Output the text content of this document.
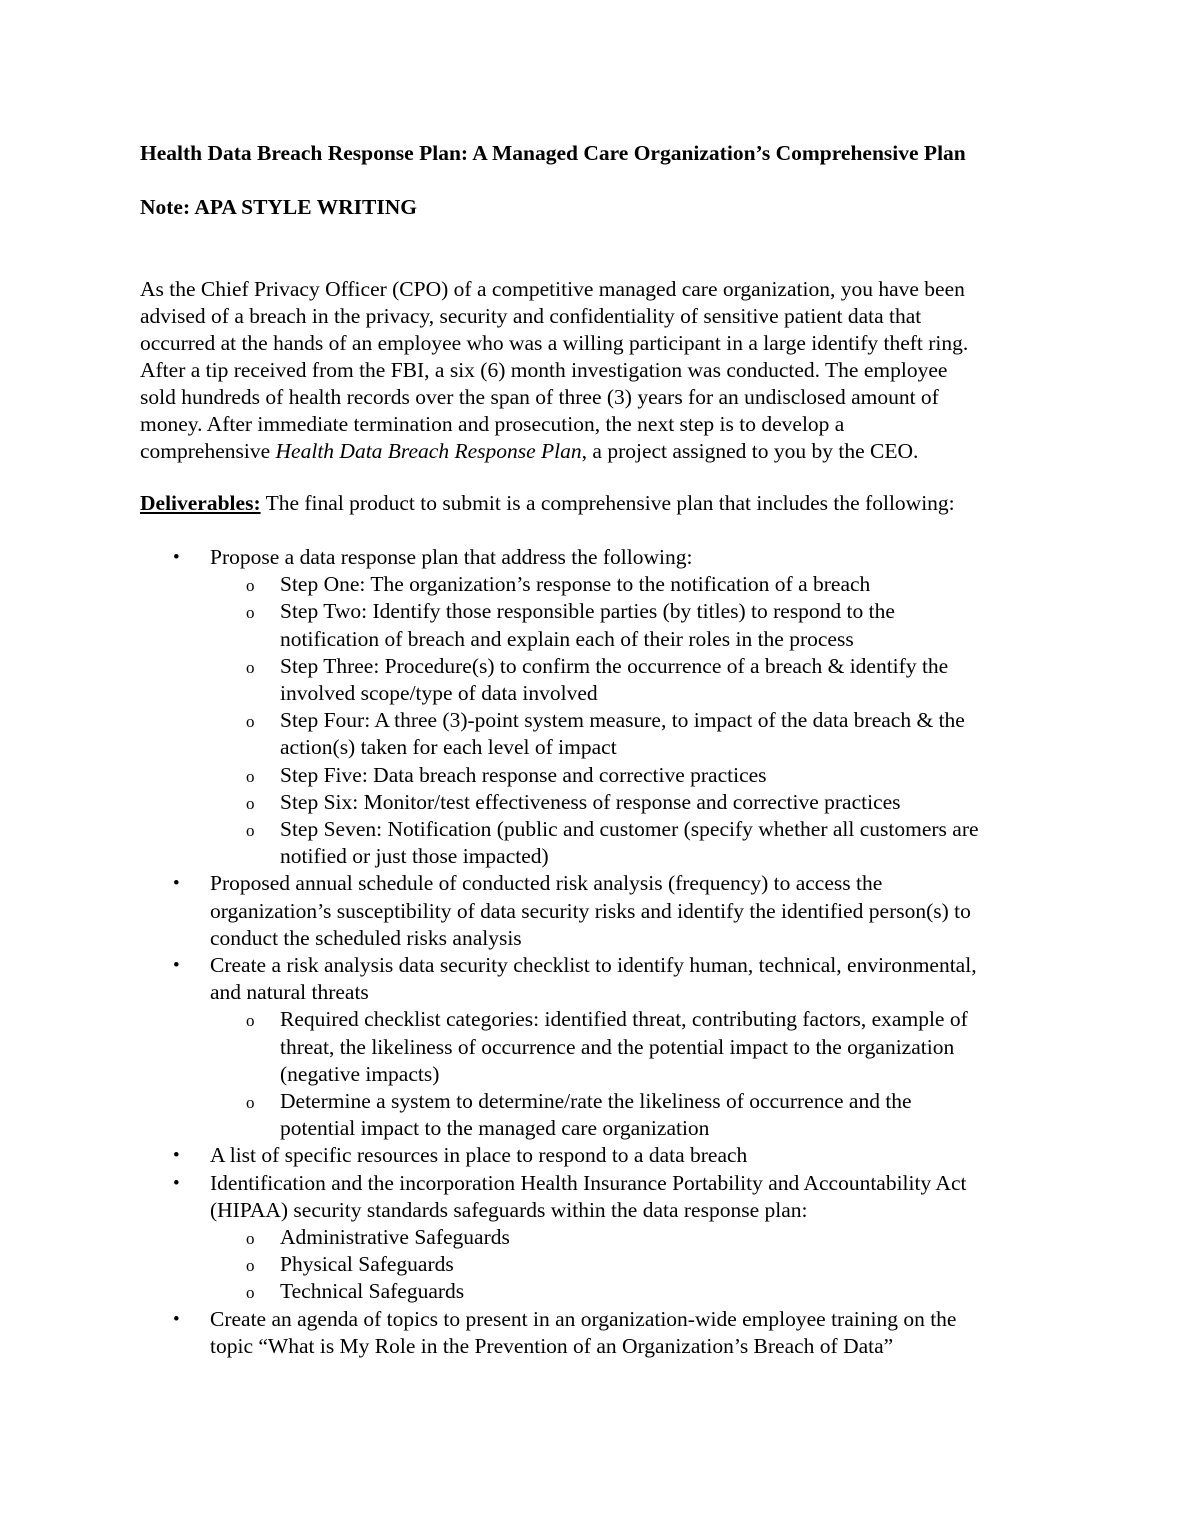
Health Data Breach Response Plan: A Managed Care Organization’s Comprehensive Plan
Note: APA STYLE WRITING
As the Chief Privacy Officer (CPO) of a competitive managed care organization, you have been
advised of a breach in the privacy, security and confidentiality of sensitive patient data that
occurred at the hands of an employee who was a willing participant in a large identify theft ring.
After a tip received from the FBI, a six (6) month investigation was conducted. The employee
sold hundreds of health records over the span of three (3) years for an undisclosed amount of
money. After immediate termination and prosecution, the next step is to develop a
comprehensive Health Data Breach Response Plan, a project assigned to you by the CEO.
Deliverables: The final product to submit is a comprehensive plan that includes the following:
• Propose a data response plan that address the following:
o Step One: The organization’s response to the notification of a breach
o Step Two: Identify those responsible parties (by titles) to respond to the
notification of breach and explain each of their roles in the process
o Step Three: Procedure(s) to confirm the occurrence of a breach & identify the
involved scope/type of data involved
o Step Four: A three (3)-point system measure, to impact of the data breach & the
action(s) taken for each level of impact
o Step Five: Data breach response and corrective practices
o Step Six: Monitor/test effectiveness of response and corrective practices
o Step Seven: Notification (public and customer (specify whether all customers are
notified or just those impacted)
• Proposed annual schedule of conducted risk analysis (frequency) to access the
organization’s susceptibility of data security risks and identify the identified person(s) to
conduct the scheduled risks analysis
• Create a risk analysis data security checklist to identify human, technical, environmental,
and natural threats
o Required checklist categories: identified threat, contributing factors, example of
threat, the likeliness of occurrence and the potential impact to the organization
(negative impacts)
o Determine a system to determine/rate the likeliness of occurrence and the
potential impact to the managed care organization
• A list of specific resources in place to respond to a data breach
• Identification and the incorporation Health Insurance Portability and Accountability Act
(HIPAA) security standards safeguards within the data response plan:
o Administrative Safeguards
o Physical Safeguards
o Technical Safeguards
• Create an agenda of topics to present in an organization-wide employee training on the
topic “What is My Role in the Prevention of an Organization’s Breach of Data”
